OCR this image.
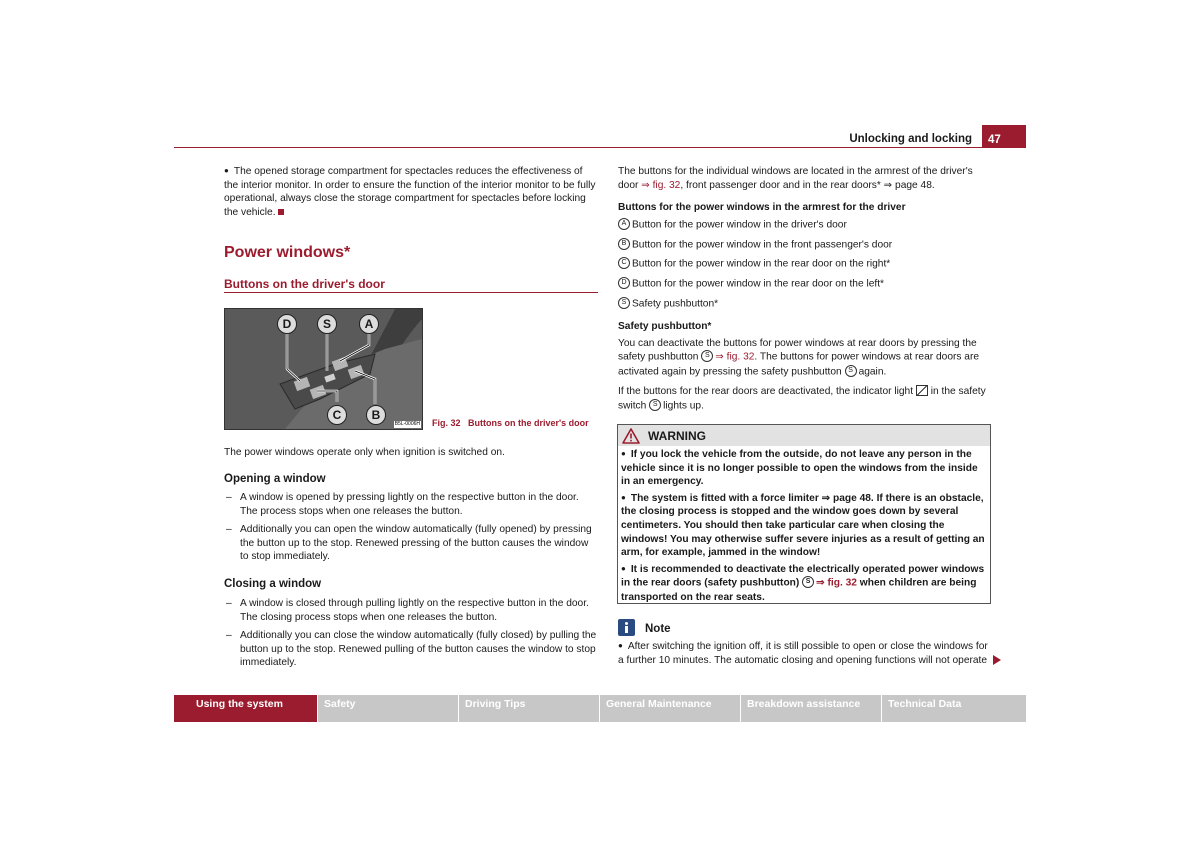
Unlocking and locking	47

● The opened storage compartment for spectacles reduces the effectiveness of the interior monitor. In order to ensure the function of the interior monitor to be fully operational, always close the storage compartment for spectacles before locking the vehicle.

Power windows*
Buttons on the driver's door
D	S	A
C	B
B5L-0006H Fig. 32 Buttons on the driver's door

The power windows operate only when ignition is switched on.

Opening a window

– A window is opened by pressing lightly on the respective button in the door. The process stops when one releases the button.

– Additionally you can open the window automatically (fully opened) by pressing the button up to the stop. Renewed pressing of the button causes the window to stop immediately.

Closing a window

– A window is closed through pulling lightly on the respective button in the door. The closing process stops when one releases the button.

– Additionally you can close the window automatically (fully closed) by pulling the button up to the stop. Renewed pulling of the button causes the window to stop immediately.

The buttons for the individual windows are located in the armrest of the driver's door ⇒ fig. 32, front passenger door and in the rear doors* ⇒ page 48.

Buttons for the power windows in the armrest for the driver

A Button for the power window in the driver's door

B Button for the power window in the front passenger's door

C Button for the power window in the rear door on the right*

D Button for the power window in the rear door on the left*

S Safety pushbutton*

Safety pushbutton*

You can deactivate the buttons for power windows at rear doors by pressing the safety pushbutton S ⇒ fig. 32. The buttons for power windows at rear doors are activated again by pressing the safety pushbutton S again.

If the buttons for the rear doors are deactivated, the indicator light in the safety switch S lights up.

WARNING

● If you lock the vehicle from the outside, do not leave any person in the vehicle since it is no longer possible to open the windows from the inside in an emergency.

● The system is fitted with a force limiter ⇒ page 48. If there is an obstacle, the closing process is stopped and the window goes down by several centimeters. You should then take particular care when closing the windows! You may otherwise suffer severe injuries as a result of getting an arm, for example, jammed in the window!

● It is recommended to deactivate the electrically operated power windows in the rear doors (safety pushbutton) S ⇒ fig. 32 when children are being transported on the rear seats.

Note

● After switching the ignition off, it is still possible to open or close the windows for a further 10 minutes. The automatic closing and opening functions will not operate

Using the system	Safety	Driving Tips	General Maintenance	Breakdown assistance	Technical Data
